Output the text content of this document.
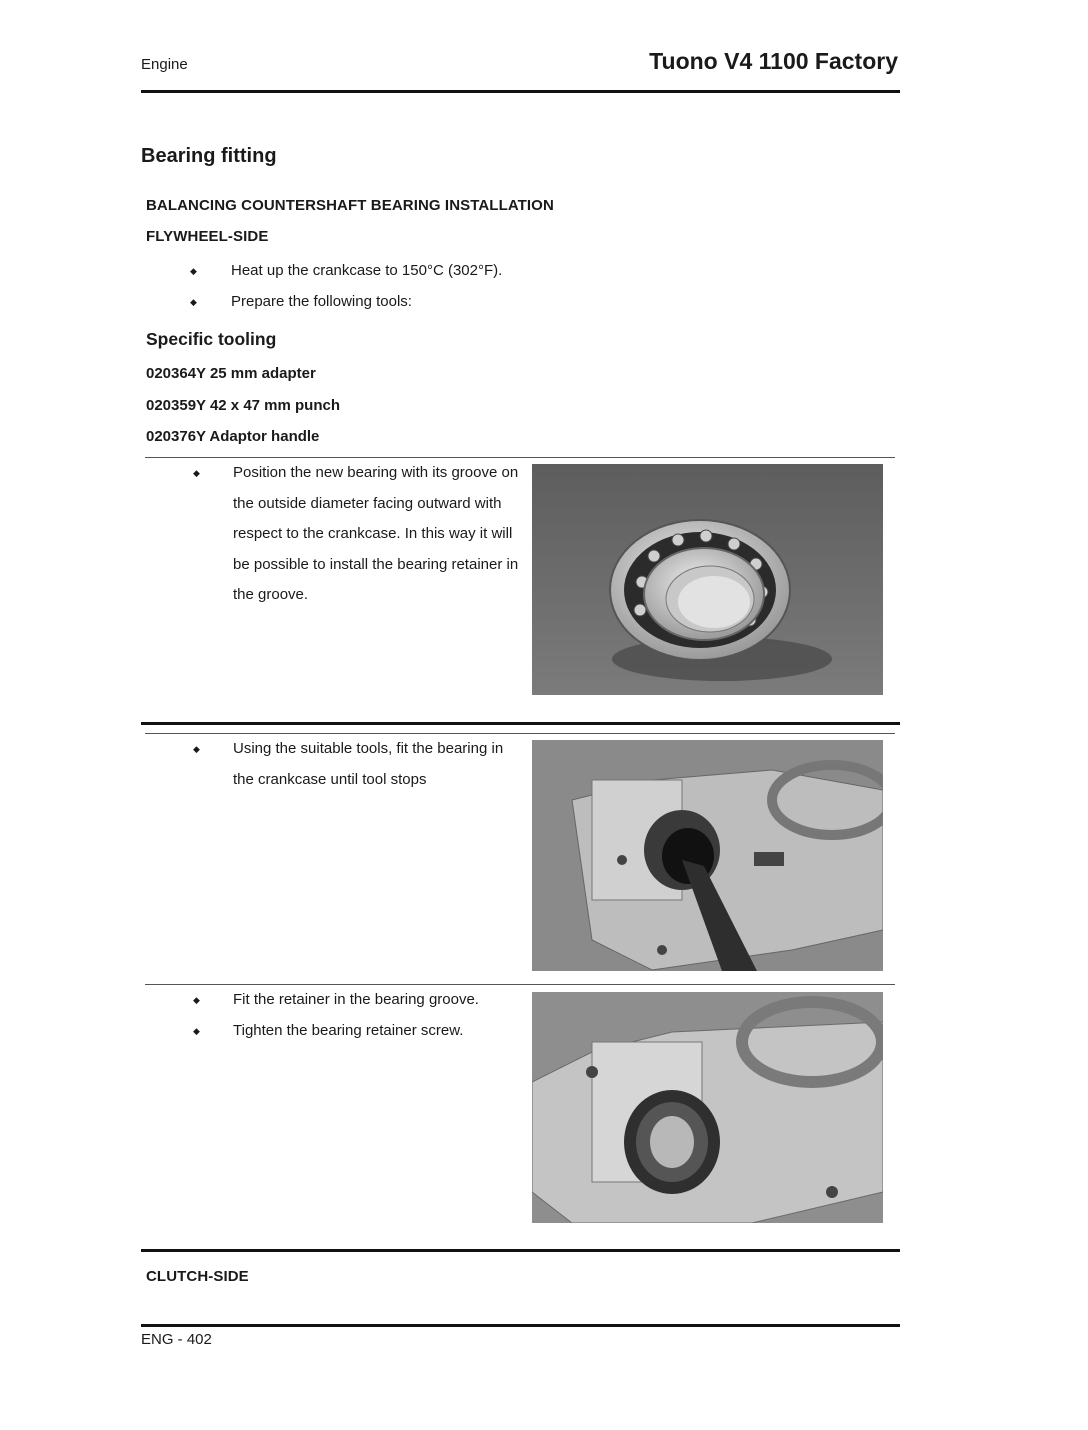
Engine	Tuono V4 1100 Factory
Bearing fitting
BALANCING COUNTERSHAFT BEARING INSTALLATION
FLYWHEEL-SIDE
◆	Heat up the crankcase to 150°C (302°F).
◆	Prepare the following tools:
Specific tooling
020364Y 25 mm adapter
020359Y 42 x 47 mm punch
020376Y Adaptor handle
◆ Position the new bearing with its groove on the outside diameter facing outward with respect to the crankcase. In this way it will be possible to install the bearing retainer in the groove.
◆ Using the suitable tools, fit the bearing in the crankcase until tool stops
◆ Fit the retainer in the bearing groove.
◆ Tighten the bearing retainer screw.
CLUTCH-SIDE
ENG - 402
